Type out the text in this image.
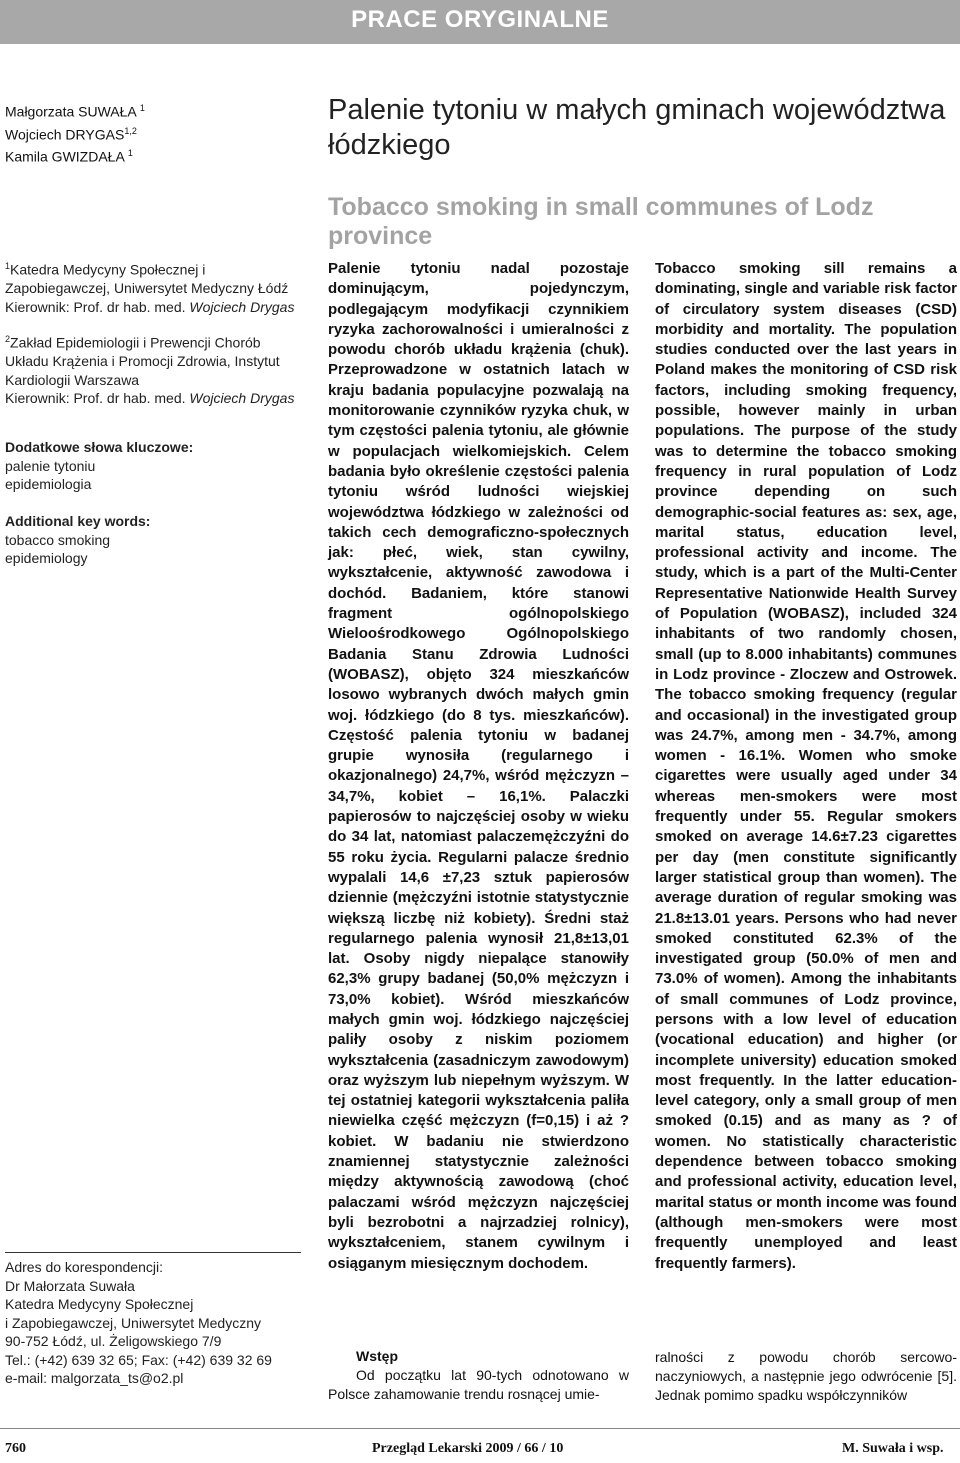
PRACE ORYGINALNE
Małgorzata SUWAŁA $^1$
Wojciech DRYGAS$^{1,2}$
Kamila GWIZDAŁA $^1$
Palenie tytoniu w małych gminach województwa łódzkiego
Tobacco smoking in small communes of Lodz province
$^1$Katedra Medycyny Społecznej i Zapobiegawczej, Uniwersytet Medyczny Łódź
Kierownik: Prof. dr hab. med. Wojciech Drygas
$^2$Zakład Epidemiologii i Prewencji Chorób Układu Krążenia i Promocji Zdrowia, Instytut Kardiologii Warszawa
Kierownik: Prof. dr hab. med. Wojciech Drygas
Dodatkowe słowa kluczowe:
palenie tytoniu
epidemiologia
Additional key words:
tobacco smoking
epidemiology
Adres do korespondencji:
Dr Małorzata Suwała
Katedra Medycyny Społecznej
i Zapobiegawczej, Uniwersytet Medyczny
90-752 Łódź, ul. Żeligowskiego 7/9
Tel.: (+42) 639 32 65; Fax: (+42) 639 32 69
e-mail: malgorzata_ts@o2.pl
Palenie tytoniu nadal pozostaje dominującym, pojedynczym, podlegającym modyfikacji czynnikiem ryzyka zachorowalności i umieralności z powodu chorób układu krążenia (chuk). Przeprowadzone w ostatnich latach w kraju badania populacyjne pozwalają na monitorowanie czynników ryzyka chuk, w tym częstości palenia tytoniu, ale głównie w populacjach wielkomiejskich. Celem badania było określenie częstości palenia tytoniu wśród ludności wiejskiej województwa łódzkiego w zależności od takich cech demograficzno-społecznych jak: płeć, wiek, stan cywilny, wykształcenie, aktywność zawodowa i dochód. Badaniem, które stanowi fragment ogólnopolskiego Wieloośrodkowego Ogólnopolskiego Badania Stanu Zdrowia Ludności (WOBASZ), objęto 324 mieszkańców losowo wybranych dwóch małych gmin woj. łódzkiego (do 8 tys. mieszkańców). Częstość palenia tytoniu w badanej grupie wynosiła (regularnego i okazjonalnego) 24,7%, wśród mężczyzn – 34,7%, kobiet – 16,1%. Palaczki papierosów to najczęściej osoby w wieku do 34 lat, natomiast palaczemężczyźni do 55 roku życia. Regularni palacze średnio wypalali 14,6 ±7,23 sztuk papierosów dziennie (mężczyźni istotnie statystycznie większą liczbę niż kobiety). Średni staż regularnego palenia wynosił 21,8±13,01 lat. Osoby nigdy niepalące stanowiły 62,3% grupy badanej (50,0% mężczyzn i 73,0% kobiet). Wśród mieszkańców małych gmin woj. łódzkiego najczęściej paliły osoby z niskim poziomem wykształcenia (zasadniczym zawodowym) oraz wyższym lub niepełnym wyższym. W tej ostatniej kategorii wykształcenia paliła niewielka część mężczyzn (f=0,15) i aż ? kobiet. W badaniu nie stwierdzono znamiennej statystycznie zależności między aktywnością zawodową (choć palaczami wśród mężczyzn najczęściej byli bezrobotni a najrzadziej rolnicy), wykształceniem, stanem cywilnym i osiąganym miesięcznym dochodem.
Tobacco smoking sill remains a dominating, single and variable risk factor of circulatory system diseases (CSD) morbidity and mortality. The population studies conducted over the last years in Poland makes the monitoring of CSD risk factors, including smoking frequency, possible, however mainly in urban populations. The purpose of the study was to determine the tobacco smoking frequency in rural population of Lodz province depending on such demographic-social features as: sex, age, marital status, education level, professional activity and income. The study, which is a part of the Multi-Center Representative Nationwide Health Survey of Population (WOBASZ), included 324 inhabitants of two randomly chosen, small (up to 8.000 inhabitants) communes in Lodz province - Zloczew and Ostrowek. The tobacco smoking frequency (regular and occasional) in the investigated group was 24.7%, among men - 34.7%, among women - 16.1%. Women who smoke cigarettes were usually aged under 34 whereas men-smokers were most frequently under 55. Regular smokers smoked on average 14.6±7.23 cigarettes per day (men constitute significantly larger statistical group than women). The average duration of regular smoking was 21.8±13.01 years. Persons who had never smoked constituted 62.3% of the investigated group (50.0% of men and 73.0% of women). Among the inhabitants of small communes of Lodz province, persons with a low level of education (vocational education) and higher (or incomplete university) education smoked most frequently. In the latter education-level category, only a small group of men smoked (0.15) and as many as ? of women. No statistically characteristic dependence between tobacco smoking and professional activity, education level, marital status or month income was found (although men-smokers were most frequently unemployed and least frequently farmers).
Wstęp
Od początku lat 90-tych odnotowano w Polsce zahamowanie trendu rosnącej umie-
ralności z powodu chorób sercowo-naczyniowych, a następnie jego odwrócenie [5]. Jednak pomimo spadku współczynników
760	Przegląd Lekarski 2009 / 66 / 10	M. Suwała i wsp.
